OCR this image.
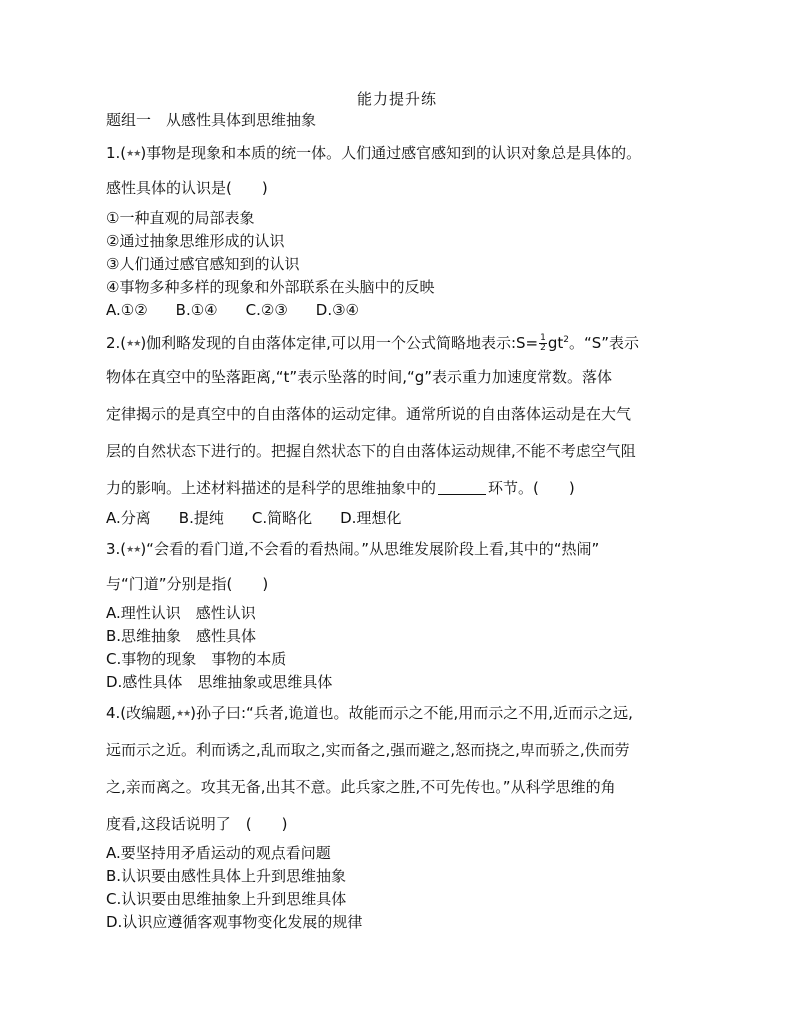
能力提升练
题组一　从感性具体到思维抽象
1.(★★)事物是现象和本质的统一体。人们通过感官感知到的认识对象总是具体的。
感性具体的认识是(　　)
①一种直观的局部表象
②通过抽象思维形成的认识
③人们通过感官感知到的认识
④事物多种多样的现象和外部联系在头脑中的反映
A.①② B.①④ C.②③ D.③④
2.(★★)伽利略发现的自由落体定律,可以用一个公式简略地表示:S= $\frac{1}{2} gt^2$。“S”表示
物体在真空中的坠落距离,“t”表示坠落的时间,“g”表示重力加速度常数。落体
定律揭示的是真空中的自由落体的运动定律。通常所说的自由落体运动是在大气
层的自然状态下进行的。把握自然状态下的自由落体运动规律,不能不考虑空气阻
力的影响。上述材料描述的是科学的思维抽象中的	环节。(　　)
A.分离 B.提纯 C.简略化 D.理想化
3.(★★)“会看的看门道,不会看的看热闹。”从思维发展阶段上看,其中的“热闹”
与“门道”分别是指(　　)
A.理性认识　感性认识
B.思维抽象　感性具体
C.事物的现象　事物的本质
D.感性具体　思维抽象或思维具体
4.(改编题,★★)孙子曰:“兵者,诡道也。故能而示之不能,用而示之不用,近而示之远,
远而示之近。利而诱之,乱而取之,实而备之,强而避之,怒而挠之,卑而骄之,佚而劳
之,亲而离之。攻其无备,出其不意。此兵家之胜,不可先传也。”从科学思维的角
度看,这段话说明了　(　　)
A.要坚持用矛盾运动的观点看问题
B.认识要由感性具体上升到思维抽象
C.认识要由思维抽象上升到思维具体
D.认识应遵循客观事物变化发展的规律
